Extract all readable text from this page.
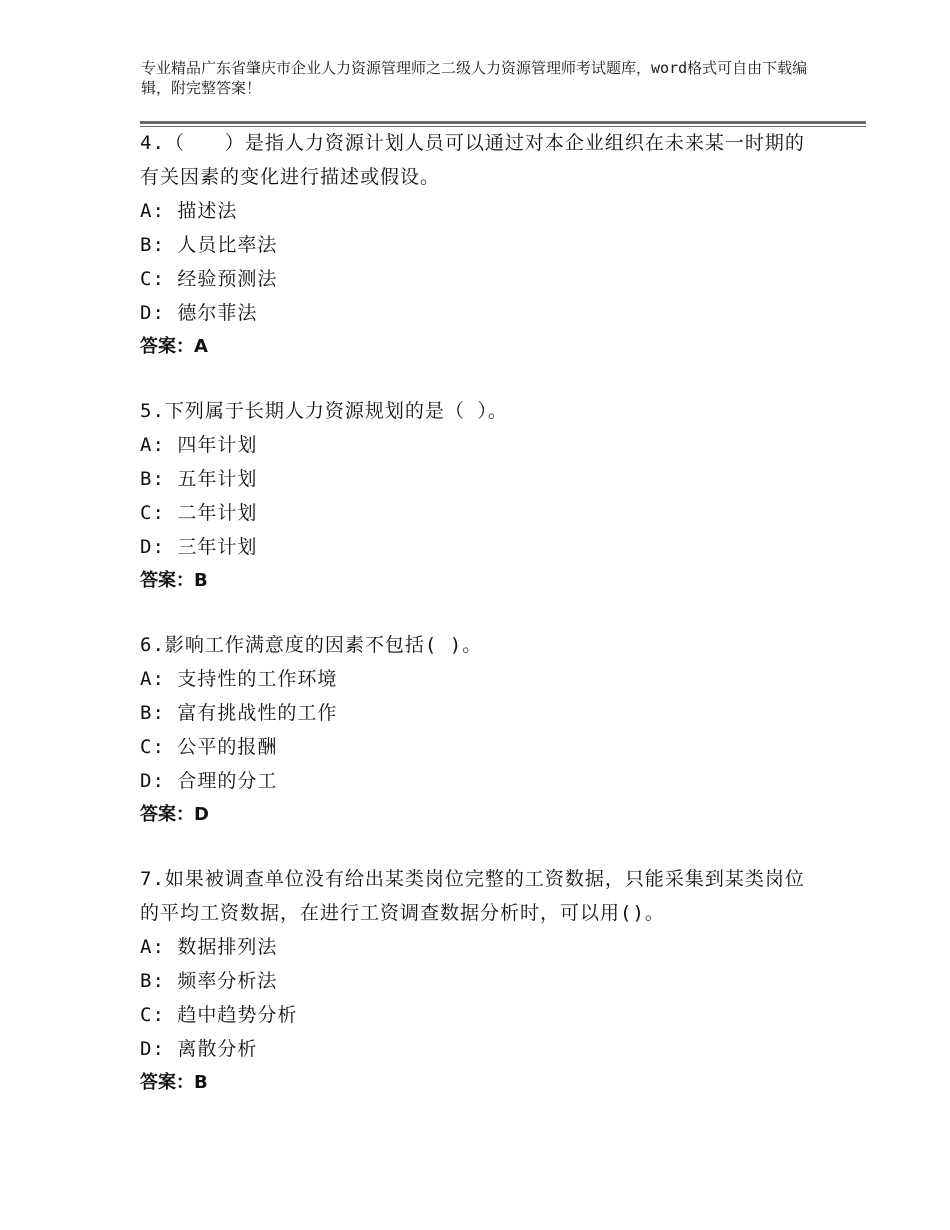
专业精品广东省肇庆市企业人力资源管理师之二级人力资源管理师考试题库，word格式可自由下载编辑，附完整答案！
4.（　　）是指人力资源计划人员可以通过对本企业组织在未来某一时期的有关因素的变化进行描述或假设。
A: 描述法
B: 人员比率法
C: 经验预测法
D: 德尔菲法
答案：A
5.下列属于长期人力资源规划的是（ ）。
A: 四年计划
B: 五年计划
C: 二年计划
D: 三年计划
答案：B
6.影响工作满意度的因素不包括( )。
A: 支持性的工作环境
B: 富有挑战性的工作
C: 公平的报酬
D: 合理的分工
答案：D
7.如果被调查单位没有给出某类岗位完整的工资数据，只能采集到某类岗位的平均工资数据，在进行工资调查数据分析时，可以用()。
A: 数据排列法
B: 频率分析法
C: 趋中趋势分析
D: 离散分析
答案：B
